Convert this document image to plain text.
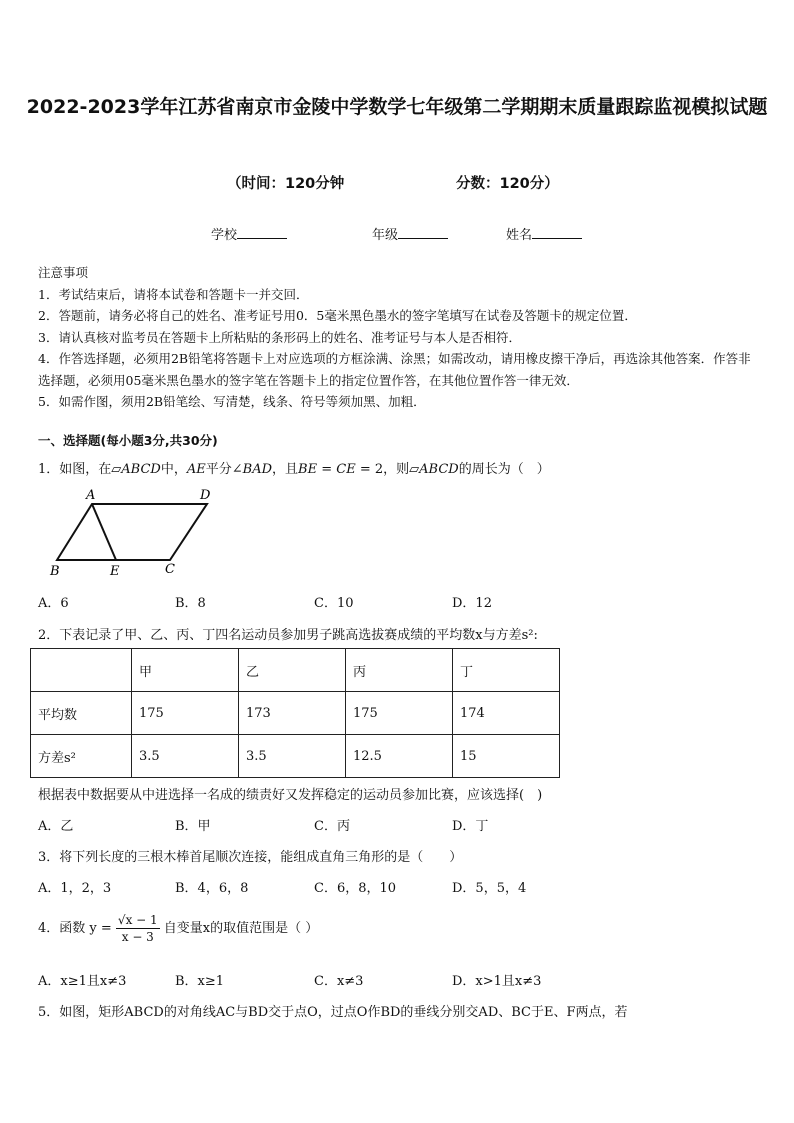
2022-2023学年江苏省南京市金陵中学数学七年级第二学期期末质量跟踪监视模拟试题
（时间：120分钟	分数：120分）
学校	年级	姓名

注意事项

1．考试结束后，请将本试卷和答题卡一并交回．

2．答题前，请务必将自己的姓名、准考证号用0．5毫米黑色墨水的签字笔填写在试卷及答题卡的规定位置．

3．请认真核对监考员在答题卡上所粘贴的条形码上的姓名、准考证号与本人是否相符．

4．作答选择题，必须用2B铅笔将答题卡上对应选项的方框涂满、涂黑；如需改动，请用橡皮擦干净后，再选涂其他答案．作答非选择题，必须用05毫米黑色墨水的签字笔在答题卡上的指定位置作答，在其他位置作答一律无效．

5．如需作图，须用2B铅笔绘、写清楚，线条、符号等须加黑、加粗．

一、选择题(每小题3分,共30分)
1．如图，在▱ABCD中，AE平分∠BAD，且BE = CE = 2，则▱ABCD的周长为（　）
A	D
B	E	C
A．6	B．8	C．10	D．12
2．下表记录了甲、乙、丙、丁四名运动员参加男子跳高选拔赛成绩的平均数x与方差s²:
	甲	乙	丙	丁
平均数	175	173	175	174
方差s²	3.5	3.5	12.5	15
根据表中数据要从中进选择一名成的绩责好又发挥稳定的运动员参加比赛，应该选择(　)
A．乙	B．甲	C．丙	D．丁
3．将下列长度的三根木棒首尾顺次连接，能组成直角三角形的是（　　）
A．1，2，3	B．4，6，8	C．6，8，10	D．5，5，4
4．函数 $y = \frac{√x - 1}{x - 3}$ 自变量x的取值范围是（ ）
A．x≥1且x≠3	B．x≥1	C．x≠3	D．x>1且x≠3
5．如图，矩形ABCD的对角线AC与BD交于点O，过点O作BD的垂线分别交AD、BC于E、F两点，若
